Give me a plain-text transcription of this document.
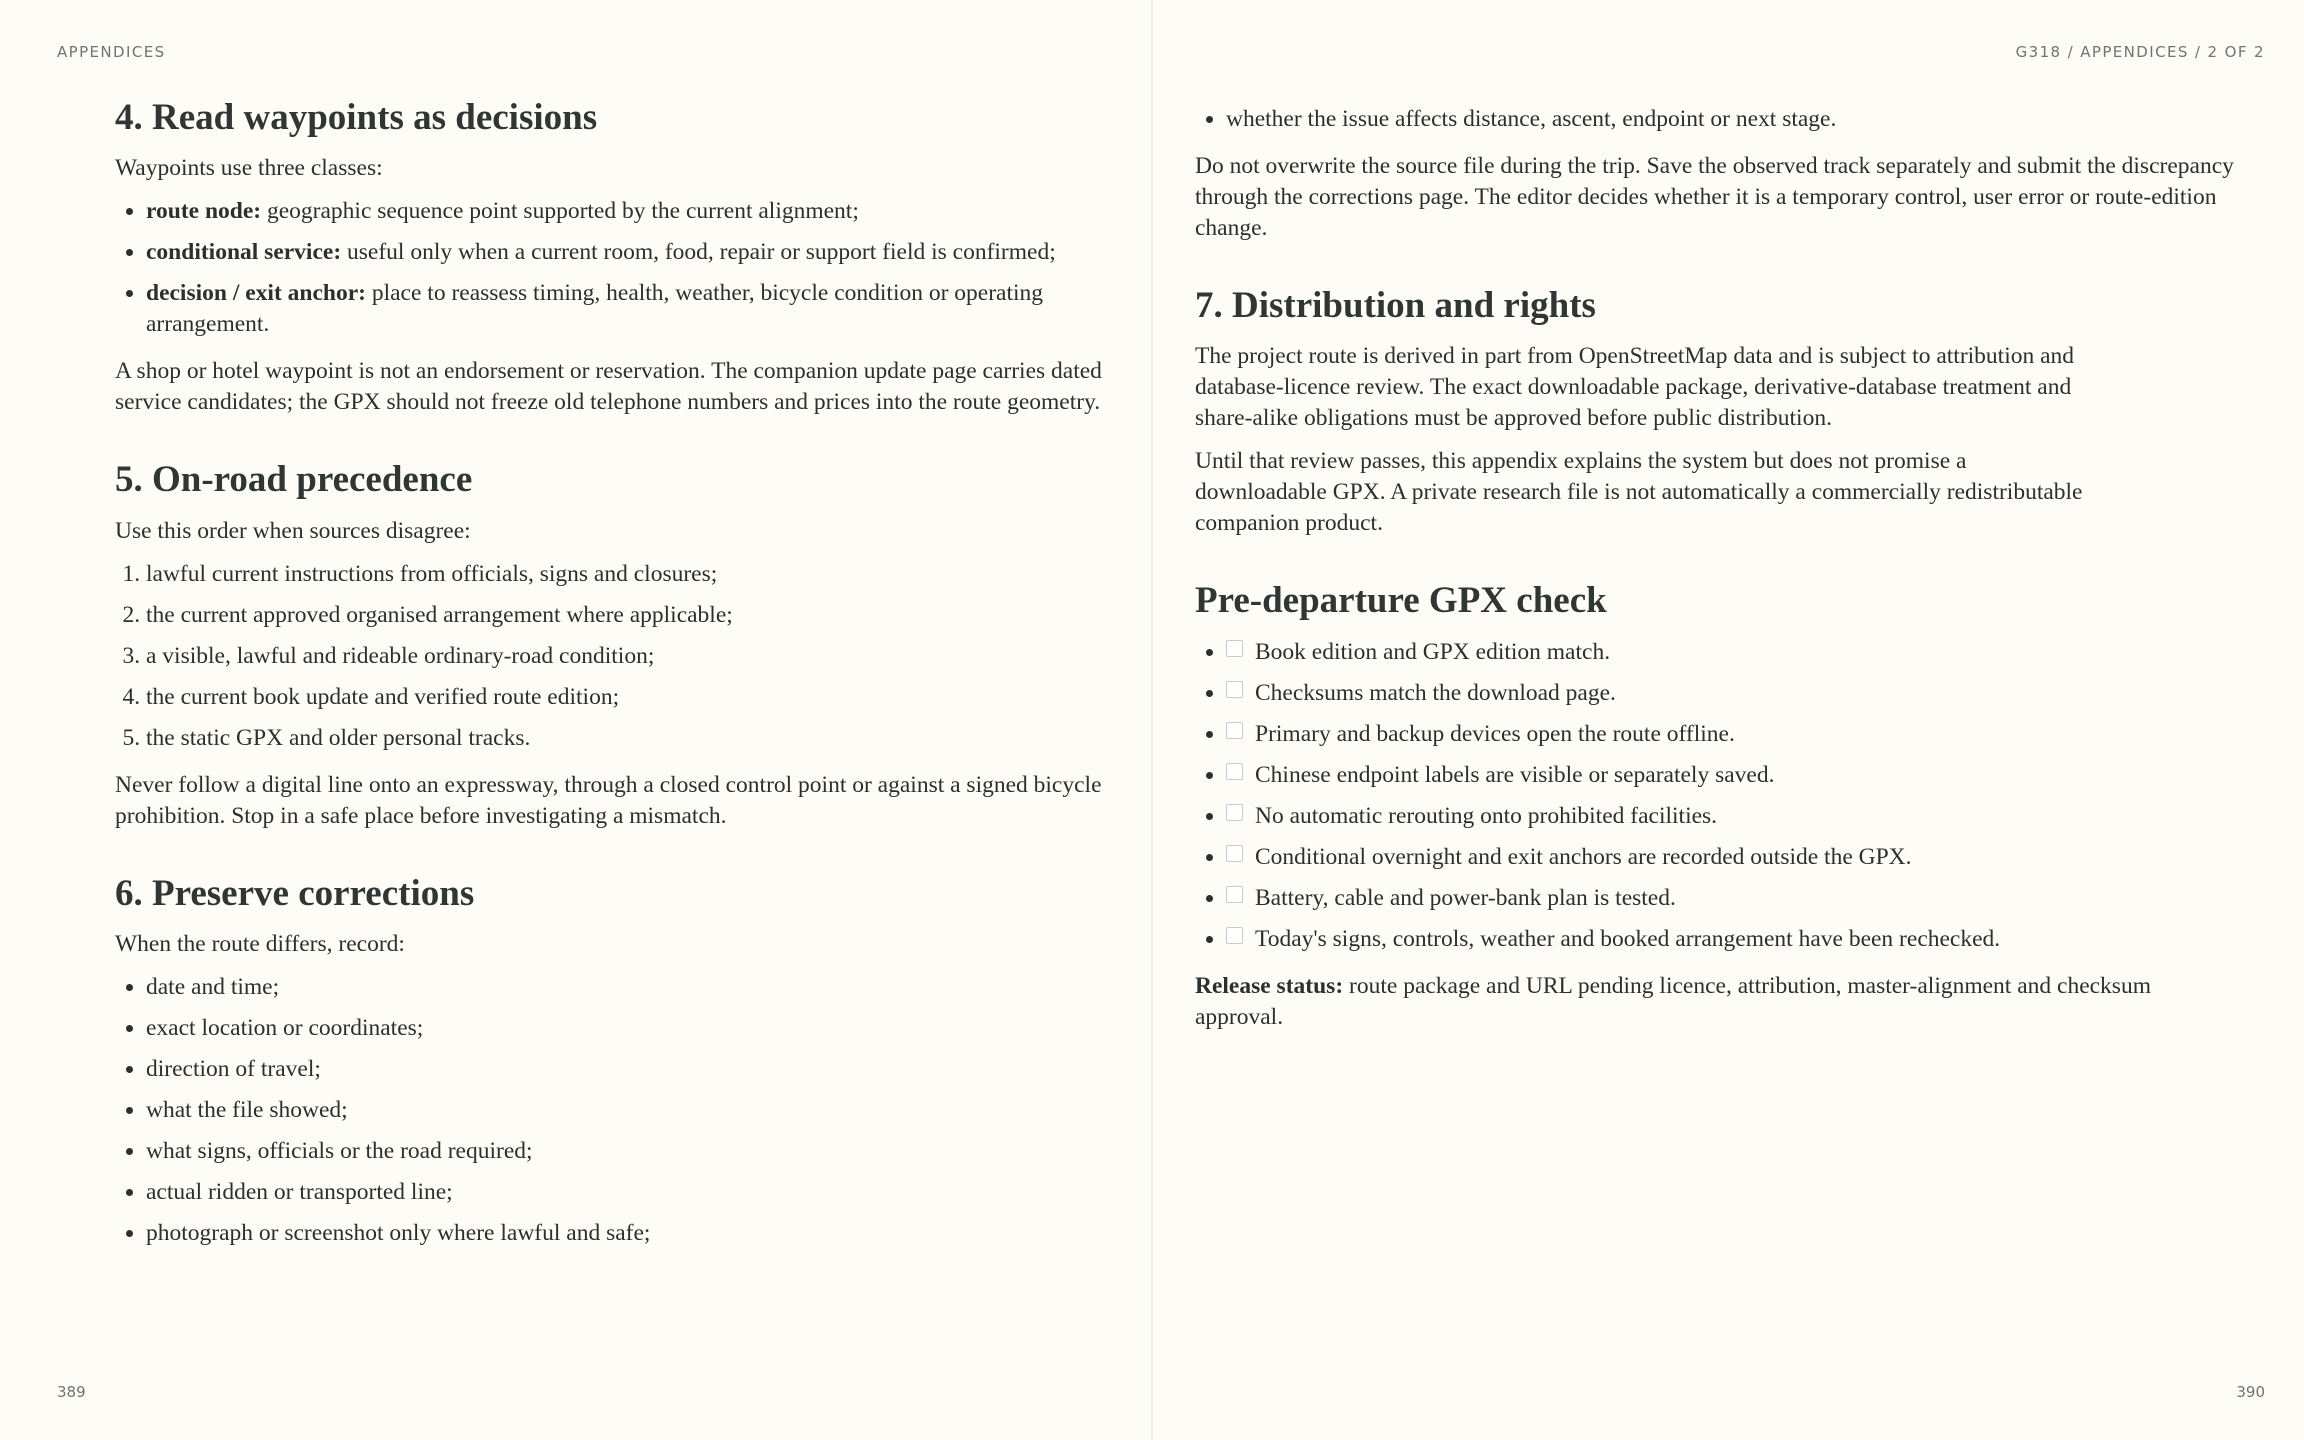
APPENDICES
4. Read waypoints as decisions

Waypoints use three classes:

• route node: geographic sequence point supported by the current alignment;
• conditional service: useful only when a current room, food, repair or support field is confirmed;
• decision / exit anchor: place to reassess timing, health, weather, bicycle condition or operating arrangement.

A shop or hotel waypoint is not an endorsement or reservation. The companion update page carries dated service candidates; the GPX should not freeze old telephone numbers and prices into the route geometry.

5. On-road precedence

Use this order when sources disagree:

1. lawful current instructions from officials, signs and closures;
2. the current approved organised arrangement where applicable;
3. a visible, lawful and rideable ordinary-road condition;
4. the current book update and verified route edition;
5. the static GPX and older personal tracks.

Never follow a digital line onto an expressway, through a closed control point or against a signed bicycle prohibition. Stop in a safe place before investigating a mismatch.

6. Preserve corrections

When the route differs, record:

• date and time;
• exact location or coordinates;
• direction of travel;
• what the file showed;
• what signs, officials or the road required;
• actual ridden or transported line;
• photograph or screenshot only where lawful and safe;
389
G318 / APPENDICES / 2 OF 2
• whether the issue affects distance, ascent, endpoint or next stage.

Do not overwrite the source file during the trip. Save the observed track separately and submit the discrepancy through the corrections page. The editor decides whether it is a temporary control, user error or route-edition change.

7. Distribution and rights

The project route is derived in part from OpenStreetMap data and is subject to attribution and database-licence review. The exact downloadable package, derivative-database treatment and share-alike obligations must be approved before public distribution.

Until that review passes, this appendix explains the system but does not promise a downloadable GPX. A private research file is not automatically a commercially redistributable companion product.

Pre-departure GPX check
• Book edition and GPX edition match.
• Checksums match the download page.
• Primary and backup devices open the route offline.
• Chinese endpoint labels are visible or separately saved.
• No automatic rerouting onto prohibited facilities.
• Conditional overnight and exit anchors are recorded outside the GPX.
• Battery, cable and power-bank plan is tested.
• Today's signs, controls, weather and booked arrangement have been rechecked.

Release status: route package and URL pending licence, attribution, master-alignment and checksum approval.

390
